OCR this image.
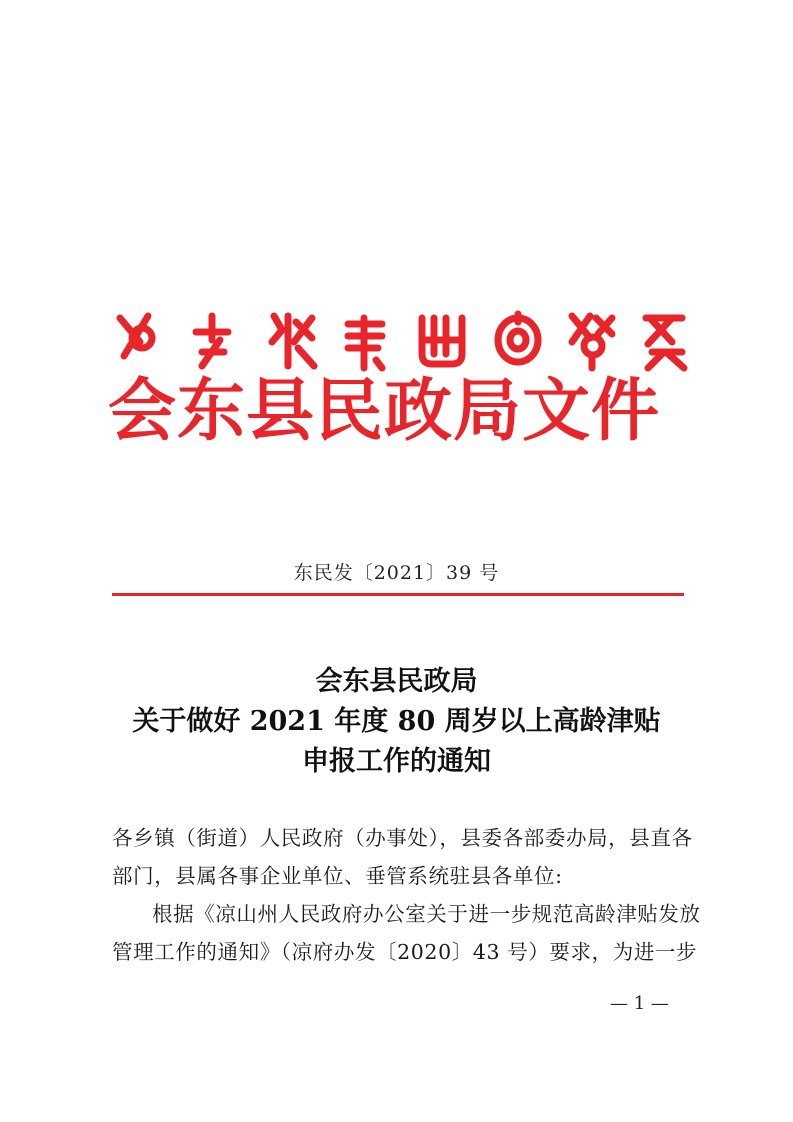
会东县民政局文件
东民发〔2021〕39 号
会东县民政局
关于做好 2021 年度 80 周岁以上高龄津贴
申报工作的通知

各乡镇（街道）人民政府（办事处），县委各部委办局，县直各

部门，县属各事企业单位、垂管系统驻县各单位:

根据《凉山州人民政府办公室关于进一步规范高龄津贴发放

管理工作的通知》（凉府办发〔2020〕43 号）要求，为进一步

— 1 —
